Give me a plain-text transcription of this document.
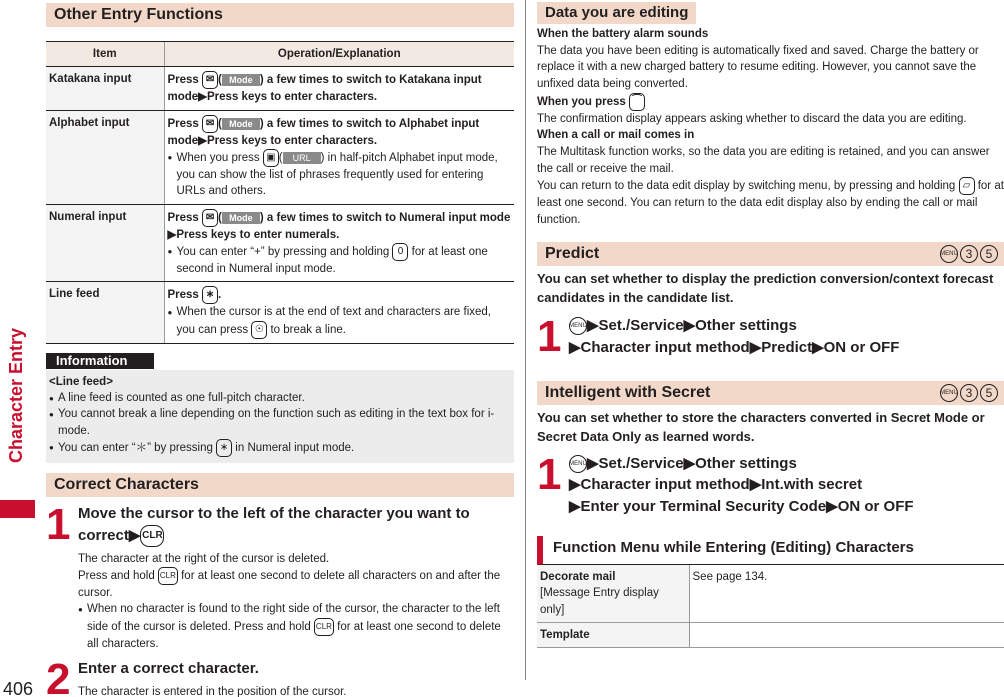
Character Entry
406
Other Entry Functions
Item	Operation/Explanation
Katakana input	Press ✉ ( Mode ) a few times to switch to Katakana input mode▶Press keys to enter characters.
Alphabet input	Press ✉ ( Mode ) a few times to switch to Alphabet input mode▶Press keys to enter characters.
● When you press ▣ ( URL ) in half-pitch Alphabet input mode, you can show the list of phrases frequently used for entering URLs and others.

Numeral input	Press ✉ ( Mode ) a few times to switch to Numeral input mode ▶Press keys to enter numerals.
● You can enter “+” by pressing and holding 0 for at least one second in Numeral input mode.

Line feed	Press ∗ .
● When the cursor is at the end of text and characters are fixed, you can press ☉ to break a line.
Information
<Line feed>
● A line feed is counted as one full-pitch character.
● You cannot break a line depending on the function such as editing in the text box for i-mode.
● You can enter “＊” by pressing ∗ in Numeral input mode.
Correct Characters
1 Move the cursor to the left of the character you want to correct▶ CLR
The character at the right of the cursor is deleted.
Press and hold CLR for at least one second to delete all characters on and after the cursor.
● When no character is found to the right side of the cursor, the character to the left side of the cursor is deleted. Press and hold CLR for at least one second to delete all characters.
2 Enter a correct character.
The character is entered in the position of the cursor.
Data you are editing
When the battery alarm sounds
The data you have been editing is automatically fixed and saved. Charge the battery or replace it with a new charged battery to resume editing. However, you cannot save the unfixed data being converted.
When you press ⌒
The confirmation display appears asking whether to discard the data you are editing.
When a call or mail comes in
The Multitask function works, so the data you are editing is retained, and you can answer the call or receive the mail.
You can return to the data edit display by switching menu, by pressing and holding ▱ for at least one second. You can return to the data edit display also by ending the call or mail function.
Predict	MENU 3	5
You can set whether to display the prediction conversion/context forecast candidates in the candidate list.
1 MENU▶Set./Service▶Other settings
▶Character input method▶Predict▶ON or OFF
Intelligent with Secret	MENU 3	5
You can set whether to store the characters converted in Secret Mode or Secret Data Only as learned words.
1 MENU▶Set./Service▶Other settings
▶Character input method▶Int.with secret
▶Enter your Terminal Security Code▶ON or OFF
Function Menu while Entering (Editing) Characters
Decorate mail
[Message Entry display only]	See page 134.

Template	
